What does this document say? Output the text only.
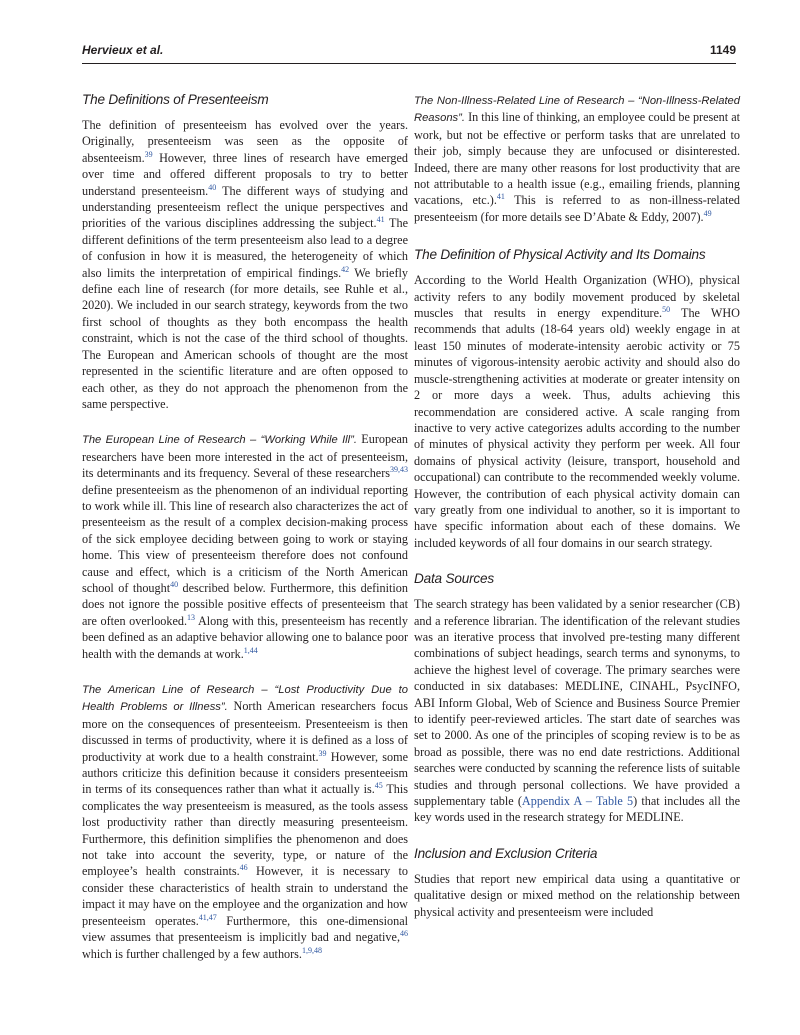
Hervieux et al.	1149
The Definitions of Presenteeism

The definition of presenteeism has evolved over the years. Originally, presenteeism was seen as the opposite of absenteeism.$^{39}$ However, three lines of research have emerged over time and offered different proposals to try to better understand presenteeism.$^{40}$ The different ways of studying and understanding presenteeism reflect the unique perspectives and priorities of the various disciplines addressing the subject.$^{41}$ The different definitions of the term presenteeism also lead to a degree of confusion in how it is measured, the heterogeneity of which also limits the interpretation of empirical findings.$^{42}$ We briefly define each line of research (for more details, see Ruhle et al., 2020). We included in our search strategy, keywords from the two first school of thoughts as they both encompass the health constraint, which is not the case of the third school of thoughts. The European and American schools of thought are the most represented in the scientific literature and are often opposed to each other, as they do not approach the phenomenon from the same perspective.

The European Line of Research – “Working While Ill”. European researchers have been more interested in the act of presenteeism, its determinants and its frequency. Several of these researchers$^{39,43}$ define presenteeism as the phenomenon of an individual reporting to work while ill. This line of research also characterizes the act of presenteeism as the result of a complex decision-making process of the sick employee deciding between going to work or staying home. This view of presenteeism therefore does not confound cause and effect, which is a criticism of the North American school of thought$^{40}$ described below. Furthermore, this definition does not ignore the possible positive effects of presenteeism that are often overlooked.$^{13}$ Along with this, presenteeism has recently been defined as an adaptive behavior allowing one to balance poor health with the demands at work.$^{1,44}$

The American Line of Research – “Lost Productivity Due to Health Problems or Illness”. North American researchers focus more on the consequences of presenteeism. Presenteeism is then discussed in terms of productivity, where it is defined as a loss of productivity at work due to a health constraint.$^{39}$ However, some authors criticize this definition because it considers presenteeism in terms of its consequences rather than what it actually is.$^{45}$ This complicates the way presenteeism is measured, as the tools assess lost productivity rather than directly measuring presenteeism. Furthermore, this definition simplifies the phenomenon and does not take into account the severity, type, or nature of the employee’s health constraints.$^{46}$ However, it is necessary to consider these characteristics of health strain to understand the impact it may have on the employee and the organization and how presenteeism operates.$^{41,47}$ Furthermore, this one-dimensional view assumes that presenteeism is implicitly bad and negative,$^{46}$ which is further challenged by a few authors.$^{1,9,48}$

The Non-Illness-Related Line of Research – “Non-Illness-Related Reasons”. In this line of thinking, an employee could be present at work, but not be effective or perform tasks that are unrelated to their job, simply because they are unfocused or disinterested. Indeed, there are many other reasons for lost productivity that are not attributable to a health issue (e.g., emailing friends, planning vacations, etc.).$^{41}$ This is referred to as non-illness-related presenteeism (for more details see D’Abate & Eddy, 2007).$^{49}$

The Definition of Physical Activity and Its Domains

According to the World Health Organization (WHO), physical activity refers to any bodily movement produced by skeletal muscles that results in energy expenditure.$^{50}$ The WHO recommends that adults (18-64 years old) weekly engage in at least 150 minutes of moderate-intensity aerobic activity or 75 minutes of vigorous-intensity aerobic activity and should also do muscle-strengthening activities at moderate or greater intensity on 2 or more days a week. Thus, adults achieving this recommendation are considered active. A scale ranging from inactive to very active categorizes adults according to the number of minutes of physical activity they perform per week. All four domains of physical activity (leisure, transport, household and occupational) can contribute to the recommended weekly volume. However, the contribution of each physical activity domain can vary greatly from one individual to another, so it is important to have specific information about each of these domains. We included keywords of all four domains in our search strategy.

Data Sources

The search strategy has been validated by a senior researcher (CB) and a reference librarian. The identification of the relevant studies was an iterative process that involved pre-testing many different combinations of subject headings, search terms and synonyms, to achieve the highest level of coverage. The primary searches were conducted in six databases: MEDLINE, CINAHL, PsycINFO, ABI Inform Global, Web of Science and Business Source Premier to identify peer-reviewed articles. The start date of searches was set to 2000. As one of the principles of scoping review is to be as broad as possible, there was no end date restrictions. Additional searches were conducted by scanning the reference lists of suitable studies and through personal collections. We have provided a supplementary table (Appendix A – Table 5) that includes all the key words used in the research strategy for MEDLINE.

Inclusion and Exclusion Criteria

Studies that report new empirical data using a quantitative or qualitative design or mixed method on the relationship between physical activity and presenteeism were included
